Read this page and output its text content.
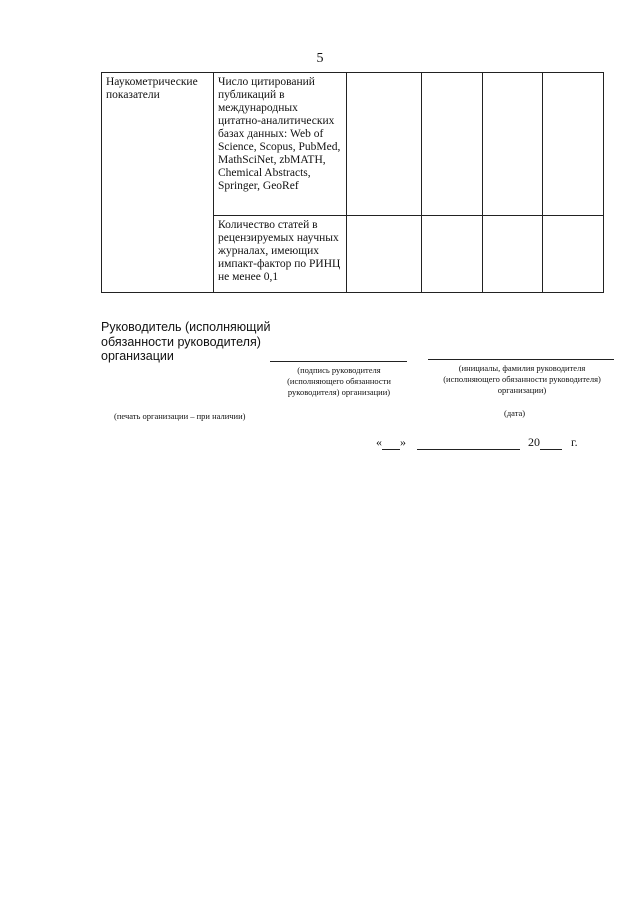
5
Наукометрические показатели	Число цитирований публикаций в международных цитатно-аналитических базах данных: Web of Science, Scopus, PubMed, MathSciNet, zbMATH, Chemical Abstracts, Springer, GeoRef				
	Количество статей в рецензируемых научных журналах, имеющих импакт-фактор по РИНЦ не менее 0,1				
Руководитель (исполняющий обязанности руководителя) организации
(подпись руководителя (исполняющего обязанности руководителя) организации)
(инициалы, фамилия руководителя (исполняющего обязанности руководителя) организации)
(печать организации – при наличии)	(дата)
« »	20	г.
